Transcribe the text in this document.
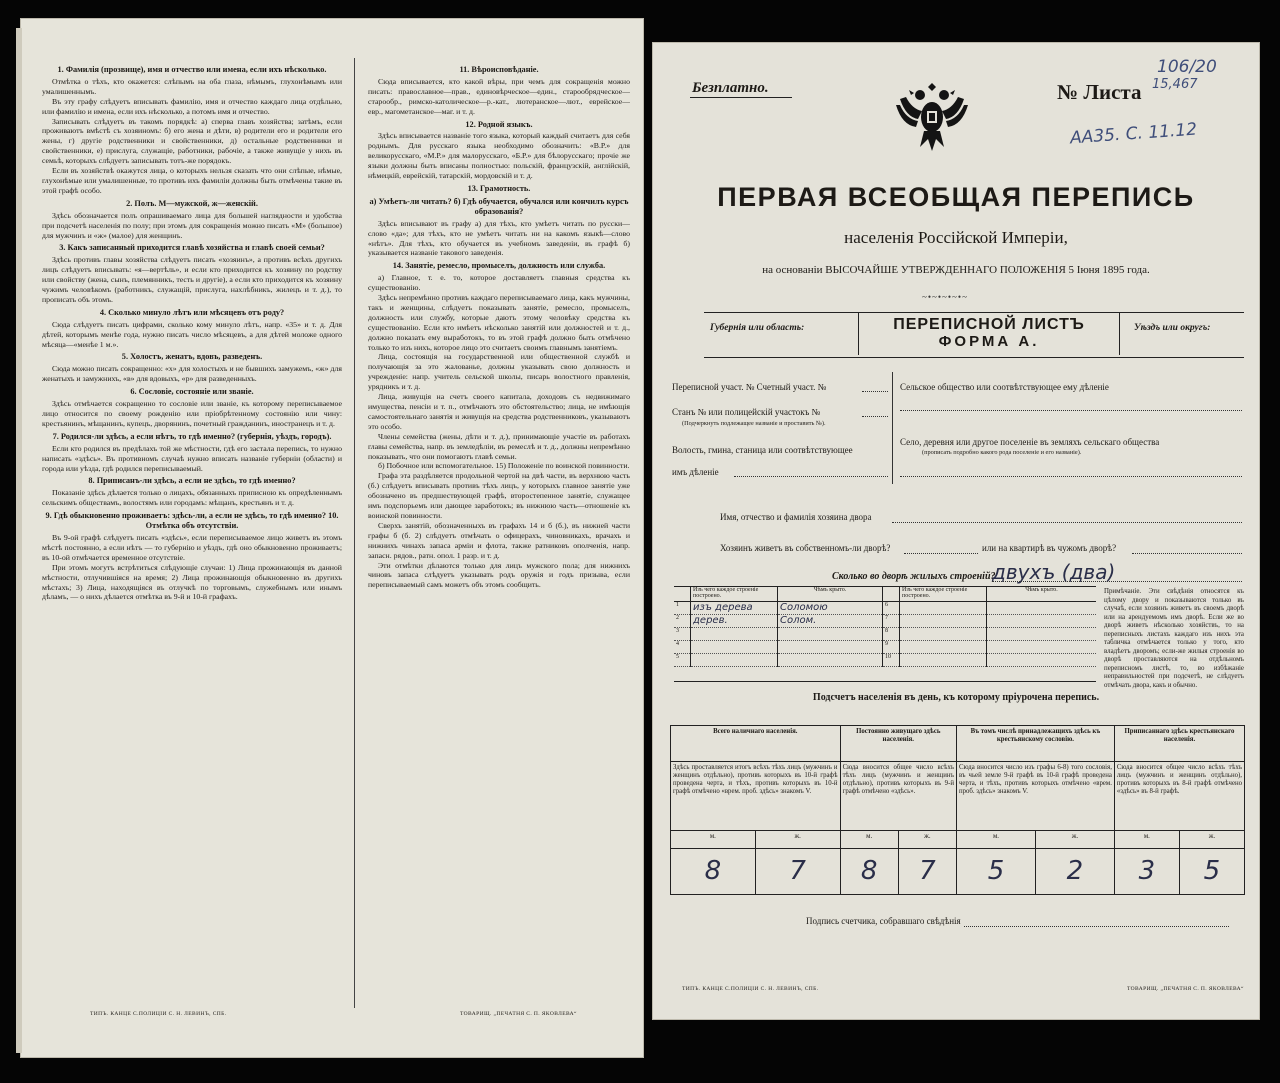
1. Фамилія (прозвище), имя и отчество или имена, если ихъ нѣсколько.
Отмѣтка о тѣхъ, кто окажется: слѣпымъ на оба глаза, нѣмымъ, глухонѣмымъ или умалишеннымъ.
Въ эту графу слѣдуетъ вписывать фамилію, имя и отчество каждаго лица отдѣльно, или фамилію и имена, если ихъ нѣсколько, а потомъ имя и отчество.
Записывать слѣдуетъ въ такомъ порядкѣ: а) сперва главъ хозяйства; затѣмъ, если проживаютъ вмѣстѣ съ хозяиномъ: б) его жена и дѣти, в) родители его и родители его жены, г) другіе родственники и свойственники, д) остальные родственники и свойственники, е) прислуга, служащіе, работники, рабочіе, а также живущіе у нихъ въ семьѣ, которыхъ слѣдуетъ записывать тотъ-же порядокъ.
Если въ хозяйствѣ окажутся лица, о которыхъ нельзя сказать что они слѣпые, нѣмые, глухонѣмые или умалишенные, то противъ ихъ фамиліи должны быть отмѣчены такие въ этой графѣ особо.
2. Полъ. М—мужской, ж—женскій.
Здѣсь обозначается полъ опрашиваемаго лица для большей наглядности и удобства при подсчетѣ населенія по полу; при этомъ для сокращенія можно писать «М» (большое) для мужчинъ и «ж» (малое) для женщинъ.
3. Какъ записанный приходится главѣ хозяйства и главѣ своей семьи?
Здѣсь противъ главы хозяйства слѣдуетъ писать «хозяинъ», а противъ всѣхъ другихъ лицъ слѣдуетъ вписывать: «я—вертѣль», и если кто приходится къ хозяину по родству или свойству (жена, сынъ, племянникъ, тесть и другіе), а если кто приходится къ хозяину чужимъ человѣкомъ (работникъ, служащій, прислуга, нахлѣбникъ, жилецъ и т. д.), то прописать объ этомъ.
4. Сколько минуло лѣтъ или мѣсяцевъ отъ роду?
Сюда слѣдуетъ писать цифрами, сколько кому минуло лѣтъ, напр. «35» и т. д. Для дѣтей, которымъ менѣе года, нужно писать число мѣсяцевъ, а для дѣтей моложе одного мѣсяца—«менѣе 1 м.».
5. Холостъ, женатъ, вдовъ, разведенъ.
Сюда можно писать сокращенно: «х» для холостыхъ и не бывшихъ замужемъ, «ж» для женатыхъ и замужнихъ, «в» для вдовыхъ, «р» для разведенныхъ.
6. Сословіе, состояніе или званіе.
Здѣсь отмѣчается сокращенно то сословіе или званіе, къ которому переписываемое лицо относится по своему рожденію или пріобрѣтенному состоянію или чину: крестьянинъ, мѣщанинъ, купецъ, дворянинъ, почетный гражданинъ, иностранецъ и т. д.
7. Родился-ли здѣсь, а если нѣтъ, то гдѣ именно? (губернія, уѣздъ, городъ).
Если кто родился въ предѣлахъ той же мѣстности, гдѣ его застала перепись, то нужно написать «здѣсь». Въ противномъ случаѣ нужно вписать названіе губерніи (области) и города или уѣзда, гдѣ родился переписываемый.
8. Приписанъ-ли здѣсь, а если не здѣсь, то гдѣ именно?
Показаніе здѣсь дѣлается только о лицахъ, обязанныхъ приписною къ опредѣленнымъ сельскимъ обществамъ, волостямъ или городамъ: мѣщанъ, крестьянъ и т. д.
9. Гдѣ обыкновенно проживаетъ: здѣсь-ли, а если не здѣсь, то гдѣ именно? 10. Отмѣтка объ отсутствіи.
Въ 9-ой графѣ слѣдуетъ писать «здѣсь», если переписываемое лицо живетъ въ этомъ мѣстѣ постоянно, а если нѣтъ — то губернію и уѣздъ, гдѣ оно обыкновенно проживаетъ; въ 10-ой отмѣчается временное отсутствіе.
При этомъ могутъ встрѣтиться слѣдующіе случаи: 1) Лица прожинающія въ данной мѣстности, отлучившіяся на время; 2) Лица прожинающія обыкновенно въ другихъ мѣстахъ; 3) Лица, находящіяся въ отлучкѣ по торговымъ, служебнымъ или инымъ дѣламъ, — о нихъ дѣлается отмѣтка въ 9-й и 10-й графахъ.
11. Вѣроисповѣданіе.
Сюда вписывается, кто какой вѣры, при чемъ для сокращенія можно писать: православное—прав., единовѣрческое—един., старообрядческое—старообр., римско-католическое—р.-кат., лютеранское—лют., еврейское—евр., магометанское—маг. и т. д.
12. Родной языкъ.
Здѣсь вписывается названіе того языка, который каждый считаетъ для себя роднымъ. Для русскаго языка необходимо обозначить: «В.Р.» для великорусскаго, «М.Р.» для малорусскаго, «Б.Р.» для бѣлорусскаго; прочіе же языки должны быть вписаны полностью: польскій, французскій, англійскій, нѣмецкій, еврейскій, татарскій, мордовскій и т. д.
13. Грамотность.
а) Умѣетъ-ли читать? б) Гдѣ обучается, обучался или кончилъ курсъ образованія?
Здѣсь вписывают въ графу а) для тѣхъ, кто умѣетъ читать по русски—слово «да»; для тѣхъ, кто не умѣетъ читать ни на какомъ языкѣ—слово «нѣтъ». Для тѣхъ, кто обучается въ учебномъ заведеніи, въ графѣ б) указывается названіе такового заведенія.
14. Занятіе, ремесло, промыселъ, должность или служба.
а) Главное, т. е. то, которое доставляетъ главныя средства къ существованію.
Здѣсь непремѣнно противъ каждаго переписываемаго лица, какъ мужчины, такъ и женщины, слѣдуетъ показывать занятіе, ремесло, промыселъ, должность или службу, которые даютъ этому человѣку средства къ существованію. Если кто имѣетъ нѣсколько занятій или должностей и т. д., должно показать ему выработокъ, то въ этой графѣ должно быть отмѣчено только то изъ нихъ, которое лицо это считаетъ своимъ главнымъ занятіемъ.
Лица, состоящія на государственной или общественной службѣ и получающія за это жалованье, должны указывать свою должность и учрежденіе: напр. учитель сельской школы, писарь волостного правленія, урядникъ и т. д.
Лица, живущія на счетъ своего капитала, доходовъ съ недвижимаго имущества, пенсіи и т. п., отмѣчаютъ это обстоятельство; лица, не имѣющія самостоятельнаго занятія и живущія на средства родственниковъ, указываютъ это особо.
Члены семейства (жены, дѣти и т. д.), принимающіе участіе въ работахъ главы семейства, напр. въ земледѣліи, въ ремеслѣ и т. д., должны непремѣнно показывать, что они помогаютъ главѣ семьи.
б) Побочное или вспомогательное. 15) Положеніе по воинской повинности.
Графа эта раздѣляется продольной чертой на двѣ части, въ верхнюю часть (б.) слѣдуетъ вписывать противъ тѣхъ лицъ, у которыхъ главное занятіе уже обозначено въ предшествующей графѣ, второстепенное занятіе, служащее имъ подспорьемъ или дающее заработокъ; въ нижнюю часть—отношеніе къ воинской повинности.
Сверхъ занятій, обозначенныхъ въ графахъ 14 и б (б.), въ нижней части графы б (б. 2) слѣдуетъ отмѣчать о офицерахъ, чиновникахъ, врачахъ и нижнихъ чинахъ запаса арміи и флота, также ратниковъ ополченія, напр. запасн. рядов., ратн. опол. 1 разр. и т. д.
Эти отмѣтки дѣлаются только для лицъ мужского пола; для нижнихъ чиновъ запаса слѣдуетъ указывать родъ оружія и годъ призыва, если переписываемый самъ можетъ объ этомъ сообщить.
ТИПЪ. КАНЦЕ С.ПОЛИЦІИ С. Н. ЛЕВИНЪ, СПБ.	ТОВАРИЩ. „ПЕЧАТНЯ С. П. ЯКОВЛЕВА“
Безплатно.	№ Листа
106/20
15,467
АА35. С. 11.12
ПЕРВАЯ ВСЕОБЩАЯ ПЕРЕПИСЬ
населенія Россійской Имперіи,
на основаніи ВЫСОЧАЙШЕ УТВЕРЖДЕННАГО ПОЛОЖЕНІЯ 5 Іюня 1895 года.
~•~•~•~•~
Губернія или область:	ПЕРЕПИСНОЙ ЛИСТЪ
ФОРМА А.
Уѣздъ или округъ:
Переписной участ. № Счетный участ. №
Станъ № или полицейскій участокъ №
(Подчеркнуть подлежащее названіе и проставить №).
Волость, гмина, станица или соотвѣтствующее
имъ дѣленіе
Сельское общество или соотвѣтствующее ему дѣленіе
Село, деревня или другое поселеніе въ земляхъ сельскаго общества
(прописать подробно какого рода поселеніе и его названіе).
Имя, отчество и фамилія хозяина двора
Хозяинъ живетъ въ собственномъ-ли дворѣ?	или на квартирѣ въ чужомъ дворѣ?
Сколько во дворѣ жилыхъ строеній?
двухъ (два)
	Изъ чего каждое строеніе построено.	Чѣмъ крыто.		Изъ чего каждое строеніе построено.	Чѣмъ крыто.
1	изъ дерева	Соломою	6		
2	дерев.	Солом.	7		
3			8		
4			9		
5			10		
Примѣчаніе. Эти свѣдѣнія относятся къ цѣлому двору и показываются только въ случаѣ, если хозяинъ живетъ въ своемъ дворѣ или на арендуемомъ имъ дворѣ. Если же во дворѣ живетъ нѣсколько хозяйствъ, то на переписныхъ листахъ каждаго изъ нихъ эта табличка отмѣчается только у того, кто владѣетъ дворомъ; если-же жилыя строенія во дворѣ проставляются на отдѣльномъ переписномъ листѣ, то, во избѣжаніе неправильностей при подсчетѣ, не слѣдуетъ отмѣчать двора, какъ и обычно.
Подсчетъ населенія въ день, къ которому пріурочена перепись.
Всего наличнаго населенія.		Постоянно живущаго здѣсь населенія.		Въ томъ числѣ принадлежащихъ здѣсь къ крестьянскому сословію.		Приписаннаго здѣсь крестьянскаго населенія.	
Здѣсь проставляется итогъ всѣхъ тѣхъ лицъ (мужчинъ и женщинъ отдѣльно), противъ которыхъ въ 10-й графѣ проведена черта, и тѣхъ, противъ которыхъ въ 10-й графѣ отмѣчено «врем. проб. здѣсь» знакомъ V.		Сюда вносится общее число всѣхъ тѣхъ лицъ (мужчинъ и женщинъ отдѣльно), противъ которыхъ въ 9-й графѣ отмѣчено «здѣсь».		Сюда вносится число изъ графы 6-8) того сословія, въ чьей земле 9-й графѣ въ 10-й графѣ проведена черта, и тѣхъ, противъ которыхъ отмѣчено «врем. проб. здѣсь» знакомъ V.		Сюда вносится общее число всѣхъ тѣхъ лицъ (мужчинъ и женщинъ отдѣльно), противъ которыхъ въ 8-й графѣ отмѣчено «здѣсь» въ 8-й графѣ.	
м.	ж.	м.	ж.	м.	ж.	м.	ж.
8	7	8	7	5	2	3	5
Подпись счетчика, собравшаго свѣдѣнія
ТИПЪ. КАНЦЕ С.ПОЛИЦІИ С. Н. ЛЕВИНЪ, СПБ.	ТОВАРИЩ. „ПЕЧАТНЯ С. П. ЯКОВЛЕВА“
